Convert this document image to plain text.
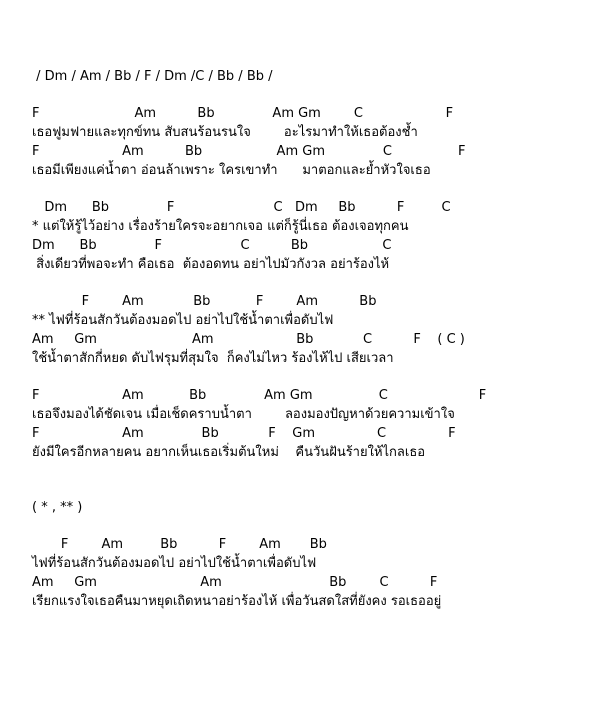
/ Dm / Am / Bb / F / Dm /C / Bb / Bb /

F                       Am          Bb              Am Gm        C                    F

เธอฟูมฟายและทุกข์ทน สับสนร้อนรนใจ        อะไรมาทำให้เธอต้องช้ำ

F                    Am          Bb                  Am Gm              C                F

เธอมีเพียงแค่น้ำตา อ่อนล้าเพราะ ใครเขาทำ      มาตอกและย้ำหัวใจเธอ

Dm      Bb              F                        C   Dm     Bb          F         C

* แต่ให้รู้ไว้อย่าง เรื่องร้ายใครจะอยากเจอ แต่ก็รู้นี่เธอ ต้องเจอทุกคน

Dm      Bb              F                   C          Bb                  C

สิ่งเดียวที่พอจะทำ คือเธอ  ต้องอดทน อย่าไปมัวกังวล อย่าร้องไห้

F        Am            Bb           F        Am          Bb

** ไฟที่ร้อนสักวันต้องมอดไป อย่าไปใช้น้ำตาเพื่อดับไฟ

Am     Gm                       Am                    Bb            C          F    ( C )

ใช้น้ำตาสักกี่หยด ดับไฟรุมที่สุมใจ  ก็คงไม่ไหว ร้องไห้ไป เสียเวลา

F                    Am           Bb              Am Gm                C                      F

เธอจึงมองได้ชัดเจน เมื่อเช็ดคราบน้ำตา        ลองมองปัญหาด้วยความเข้าใจ

F                    Am              Bb            F    Gm               C               F

ยังมีใครอีกหลายคน อยากเห็นเธอเริ่มต้นใหม่    คืนวันฝันร้ายให้ไกลเธอ

( * , ** )

F        Am         Bb          F        Am       Bb

ไฟที่ร้อนสักวันต้องมอดไป อย่าไปใช้น้ำตาเพื่อดับไฟ

Am     Gm                         Am                          Bb        C          F

เรียกแรงใจเธอคืนมาหยุดเถิดหนาอย่าร้องไห้ เพื่อวันสดใสที่ยังคง รอเธออยู่
